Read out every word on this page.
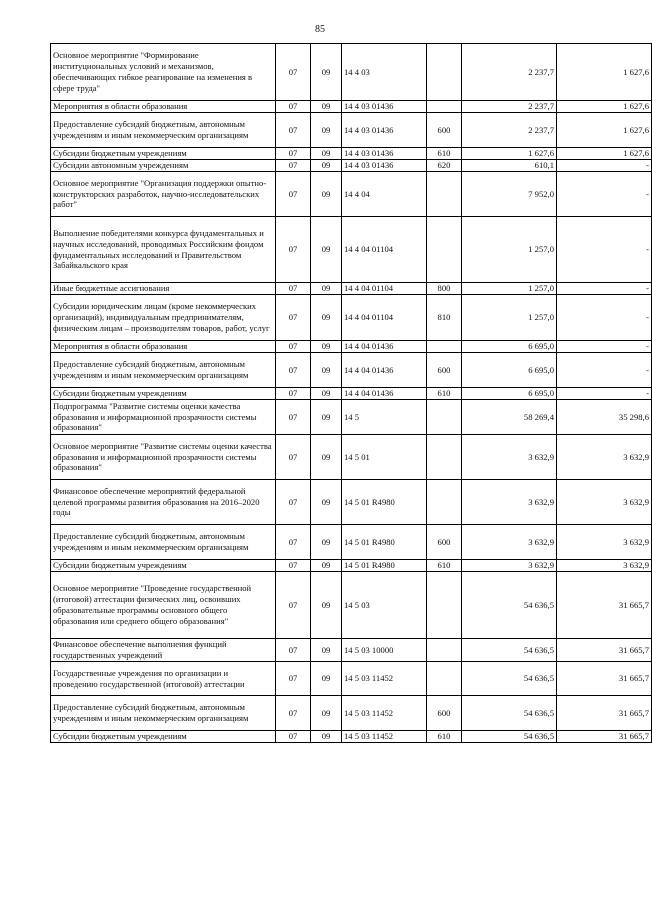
85
Основное мероприятие "Формирование институциональных условий и механизмов, обеспечивающих гибкое реагирование на изменения в сфере труда"	07	09	14 4 03		2 237,7	1 627,6
Мероприятия в области образования	07	09	14 4 03 01436		2 237,7	1 627,6
Предоставление субсидий бюджетным, автономным учреждениям и иным некоммерческим организациям	07	09	14 4 03 01436	600	2 237,7	1 627,6
Субсидии бюджетным учреждениям	07	09	14 4 03 01436	610	1 627,6	1 627,6
Субсидии автономным учреждениям	07	09	14 4 03 01436	620	610,1	-
Основное мероприятие "Организация поддержки опытно-конструкторских разработок, научно-исследовательских работ"	07	09	14 4 04		7 952,0	-
Выполнение победителями конкурса фундаментальных и научных исследований, проводимых Российским фондом фундаментальных исследований и Правительством Забайкальского края	07	09	14 4 04 01104		1 257,0	-
Иные бюджетные ассигнования	07	09	14 4 04 01104	800	1 257,0	-
Субсидии юридическим лицам (кроме некоммерческих организаций), индивидуальным предпринимателям, физическим лицам – производителям товаров, работ, услуг	07	09	14 4 04 01104	810	1 257,0	-
Мероприятия в области образования	07	09	14 4 04 01436		6 695,0	-
Предоставление субсидий бюджетным, автономным учреждениям и иным некоммерческим организациям	07	09	14 4 04 01436	600	6 695,0	-
Субсидии бюджетным учреждениям	07	09	14 4 04 01436	610	6 695,0	-
Подпрограмма "Развитие системы оценки качества образования и информационной прозрачности системы образования"	07	09	14 5		58 269,4	35 298,6
Основное мероприятие "Развитие системы оценки качества образования и информационной прозрачности системы образования"	07	09	14 5 01		3 632,9	3 632,9
Финансовое обеспечение мероприятий федеральной целевой программы развития образования на 2016–2020 годы	07	09	14 5 01 R4980		3 632,9	3 632,9
Предоставление субсидий бюджетным, автономным учреждениям и иным некоммерческим организациям	07	09	14 5 01 R4980	600	3 632,9	3 632,9
Субсидии бюджетным учреждениям	07	09	14 5 01 R4980	610	3 632,9	3 632,9
Основное мероприятие "Проведение государственной (итоговой) аттестации физических лиц, освоивших образовательные программы основного общего образования или среднего общего образования"	07	09	14 5 03		54 636,5	31 665,7
Финансовое обеспечение выполнения функций государственных учреждений	07	09	14 5 03 10000		54 636,5	31 665,7
Государственные учреждения по организации и проведению государственной (итоговой) аттестации	07	09	14 5 03 11452		54 636,5	31 665,7
Предоставление субсидий бюджетным, автономным учреждениям и иным некоммерческим организациям	07	09	14 5 03 11452	600	54 636,5	31 665,7
Субсидии бюджетным учреждениям	07	09	14 5 03 11452	610	54 636,5	31 665,7
